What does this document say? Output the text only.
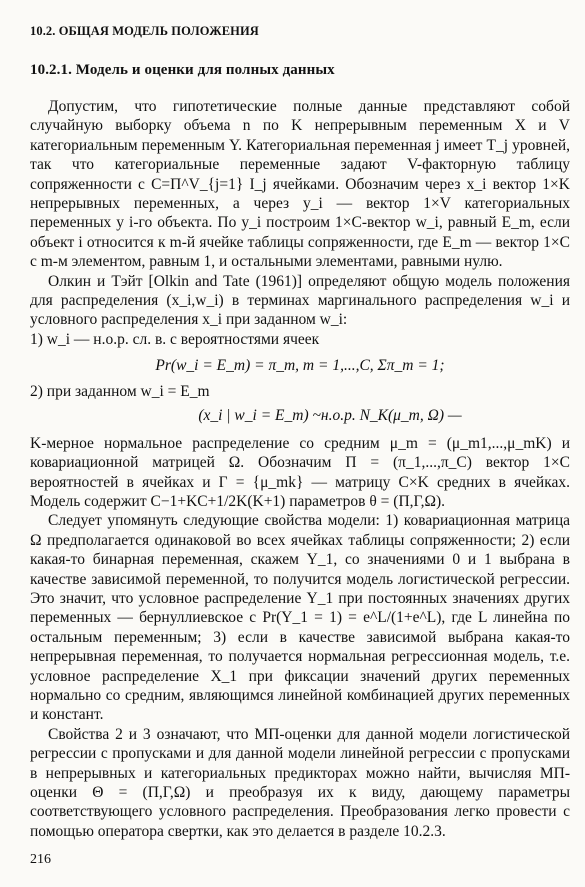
10.2. ОБЩАЯ МОДЕЛЬ ПОЛОЖЕНИЯ
10.2.1. Модель и оценки для полных данных

Допустим, что гипотетические полные данные представляют собой случайную выборку объема n по K непрерывным переменным X и V категориальным переменным Y. Категориальная переменная j имеет T_j уровней, так что категориальные переменные задают V-факторную таблицу сопряженности с C=Π^V_{j=1} I_j ячейками. Обозначим через x_i вектор 1×K непрерывных переменных, а через y_i — вектор 1×V категориальных переменных у i-го объекта. По y_i построим 1×C-вектор w_i, равный E_m, если объект i относится к m-й ячейке таблицы сопряженности, где E_m — вектор 1×C с m-м элементом, равным 1, и остальными элементами, равными нулю.

Олкин и Тэйт [Olkin and Tate (1961)] определяют общую модель положения для распределения (x_i,w_i) в терминах маргинального распределения w_i и условного распределения x_i при заданном w_i:

1) w_i — н.о.р. сл. в. с вероятностями ячеек

Pr(w_i = E_m) = π_m, m = 1,...,C, Σπ_m = 1;

2) при заданном w_i = E_m

(x_i | w_i = E_m) ~н.о.р. N_K(μ_m, Ω) —

K-мерное нормальное распределение со средним μ_m = (μ_m1,...,μ_mK) и ковариационной матрицей Ω. Обозначим Π = (π_1,...,π_C) вектор 1×C вероятностей в ячейках и Γ = {μ_mk} — матрицу C×K средних в ячейках. Модель содержит C−1+KC+1/2K(K+1) параметров θ = (Π,Γ,Ω).

Следует упомянуть следующие свойства модели: 1) ковариационная матрица Ω предполагается одинаковой во всех ячейках таблицы сопряженности; 2) если какая-то бинарная переменная, скажем Y_1, со значениями 0 и 1 выбрана в качестве зависимой переменной, то получится модель логистической регрессии. Это значит, что условное распределение Y_1 при постоянных значениях других переменных — бернуллиевское с Pr(Y_1 = 1) = e^L/(1+e^L), где L линейна по остальным переменным; 3) если в качестве зависимой выбрана какая-то непрерывная переменная, то получается нормальная регрессионная модель, т.е. условное распределение X_1 при фиксации значений других переменных нормально со средним, являющимся линейной комбинацией других переменных и констант.

Свойства 2 и 3 означают, что МП-оценки для данной модели логистической регрессии с пропусками и для данной модели линейной регрессии с пропусками в непрерывных и категориальных предикторах можно найти, вычисляя МП-оценки Θ = (Π,Γ,Ω) и преобразуя их к виду, дающему параметры соответствующего условного распределения. Преобразования легко провести с помощью оператора свертки, как это делается в разделе 10.2.3.

216
